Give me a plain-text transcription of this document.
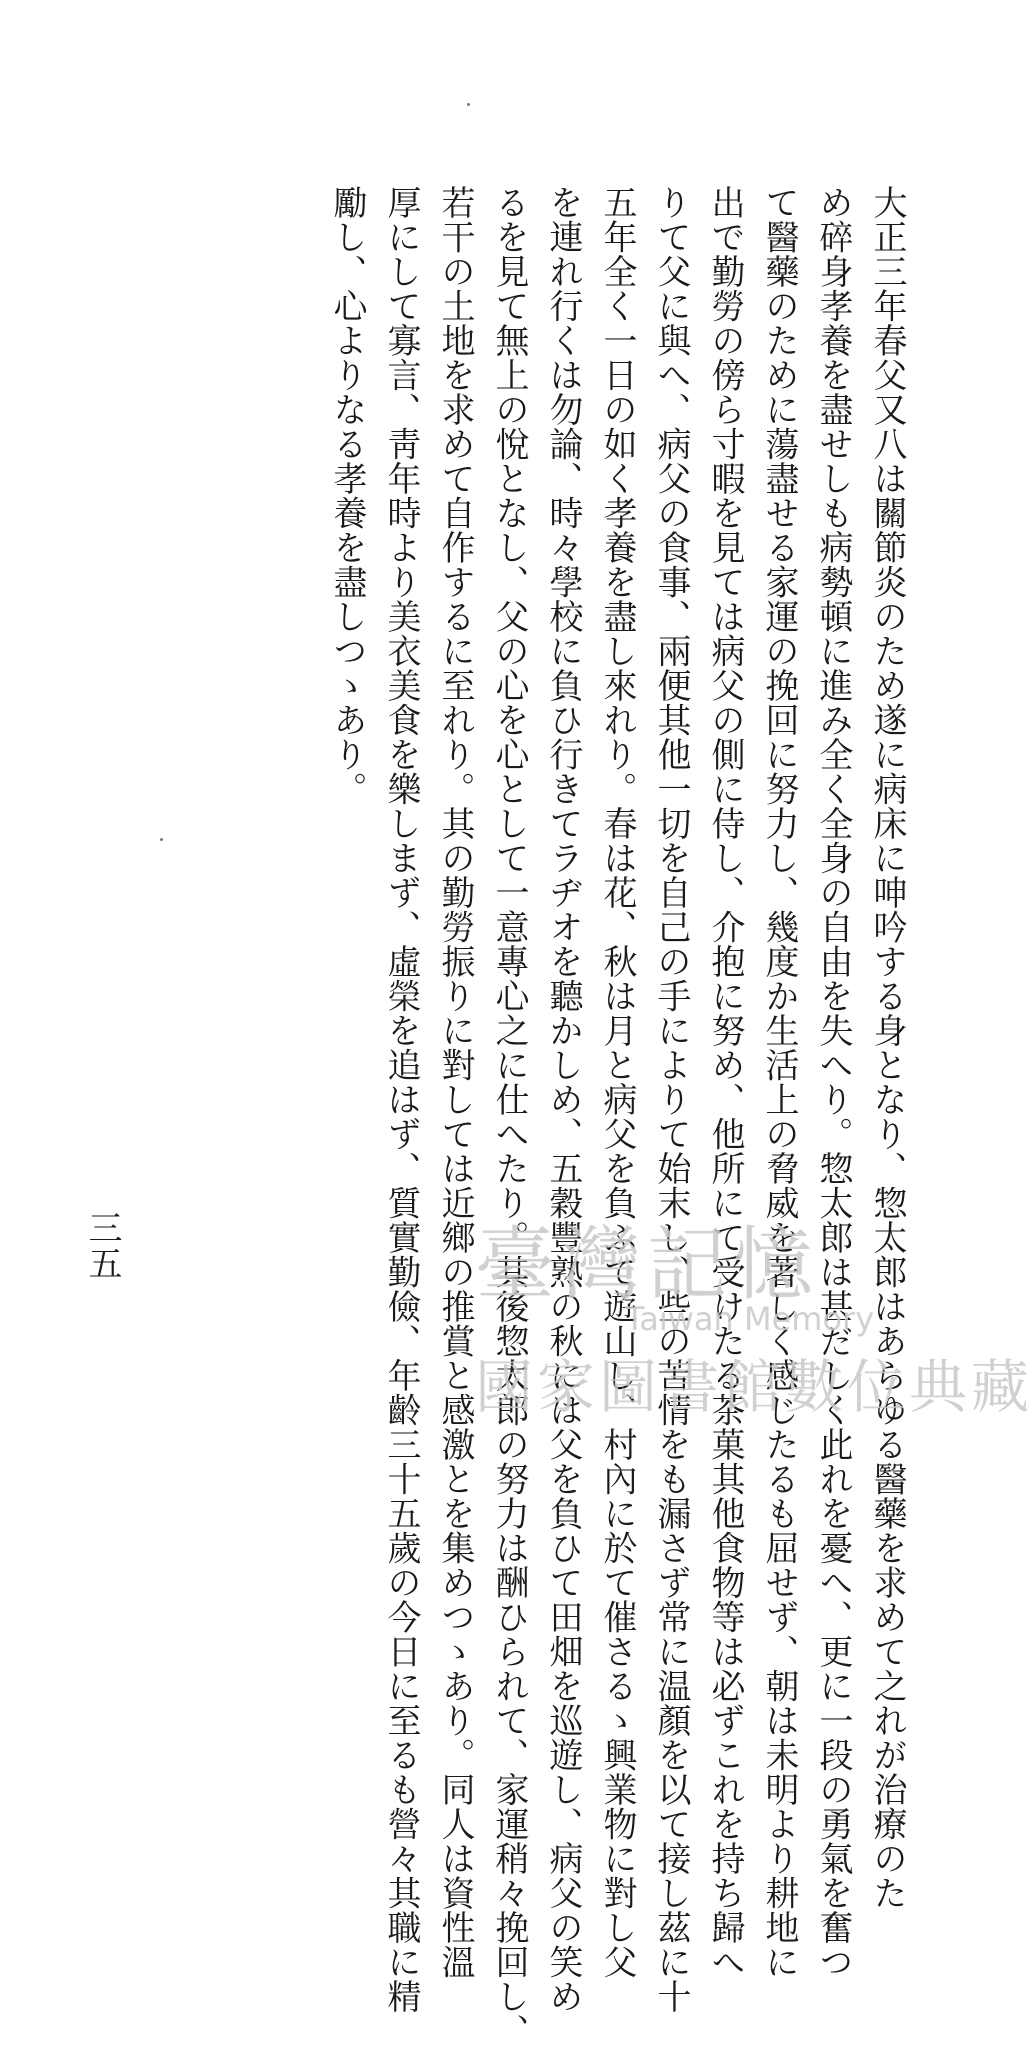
大正三年春父又八は關節炎のため遂に病床に呻吟する身となり、惣太郎はあらゆる醫藥を求めて之れが治療のた
め碎身孝養を盡せしも病勢頓に進み全く全身の自由を失へり。惣太郎は甚だしく此れを憂へ、更に一段の勇氣を奮つ
て醫藥のために蕩盡せる家運の挽回に努力し、幾度か生活上の脅威を著しく感じたるも屈せず、朝は未明より耕地に
出で勤勞の傍ら寸暇を見ては病父の側に侍し、介抱に努め、他所にて受けたる茶菓其他食物等は必ずこれを持ち歸へ
りて父に與へ、病父の食事、兩便其他一切を自己の手によりて始末し、些の苦情をも漏さず常に温顏を以て接し茲に十
五年全く一日の如く孝養を盡し來れり。春は花、秋は月と病父を負ふて遊山し、村內に於て催さるゝ興業物に對し父
を連れ行くは勿論、時々學校に負ひ行きてラヂオを聽かしめ、五穀豐熟の秋には父を負ひて田畑を巡遊し、病父の笑め
るを見て無上の悅となし、父の心を心として一意專心之に仕へたり。其後惣太郎の努力は酬ひられて、家運稍々挽回し、
若干の土地を求めて自作するに至れり。其の勤勞振りに對しては近鄉の推賞と感激とを集めつゝあり。同人は資性溫
厚にして寡言、靑年時より美衣美食を樂しまず、虛榮を追はず、質實勤儉、年齡三十五歲の今日に至るも營々其職に精
勵し、心よりなる孝養を盡しつゝあり。
三五	臺灣記憶
Taiwan Memory
國家圖書館數位典藏
